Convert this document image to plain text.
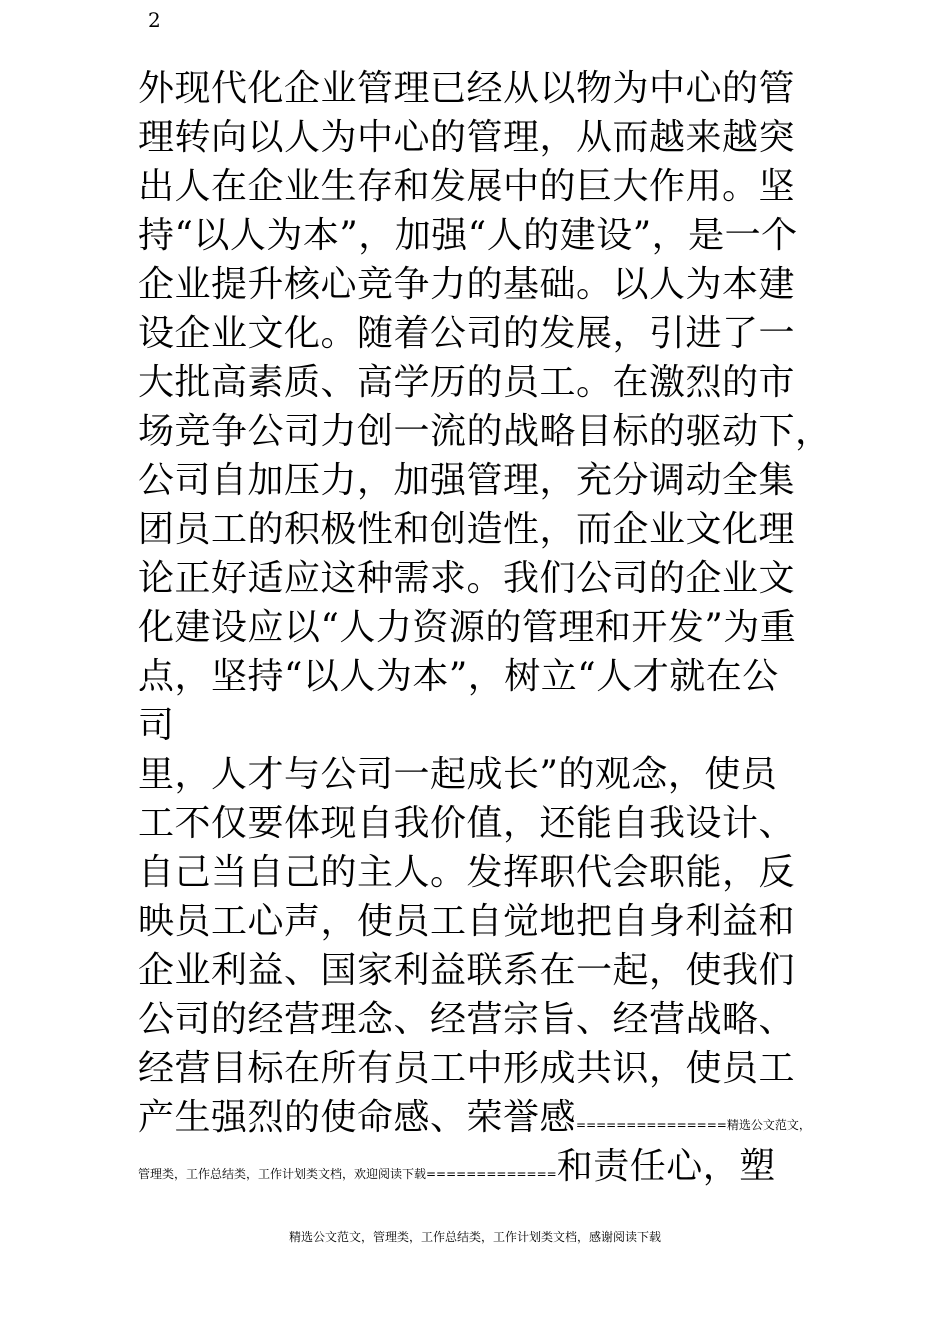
2
外现代化企业管理已经从以物为中心的管
理转向以人为中心的管理，从而越来越突
出人在企业生存和发展中的巨大作用。坚
持“以人为本”，加强“人的建设”，是一个
企业提升核心竞争力的基础。以人为本建
设企业文化。随着公司的发展，引进了一
大批高素质、高学历的员工。在激烈的市
场竞争公司力创一流的战略目标的驱动下，
公司自加压力，加强管理，充分调动全集
团员工的积极性和创造性，而企业文化理
论正好适应这种需求。我们公司的企业文
化建设应以“人力资源的管理和开发”为重
点，坚持“以人为本”，树立“人才就在公
司
里，人才与公司一起成长”的观念，使员
工不仅要体现自我价值，还能自我设计、
自己当自己的主人。发挥职代会职能，反
映员工心声，使员工自觉地把自身利益和
企业利益、国家利益联系在一起，使我们
公司的经营理念、经营宗旨、经营战略、
经营目标在所有员工中形成共识，使员工
产生强烈的使命感、荣誉感===============精选公文范文，
管理类，工作总结类，工作计划类文档，欢迎阅读下载=============和责任心，塑
精选公文范文，管理类，工作总结类，工作计划类文档，感谢阅读下载
